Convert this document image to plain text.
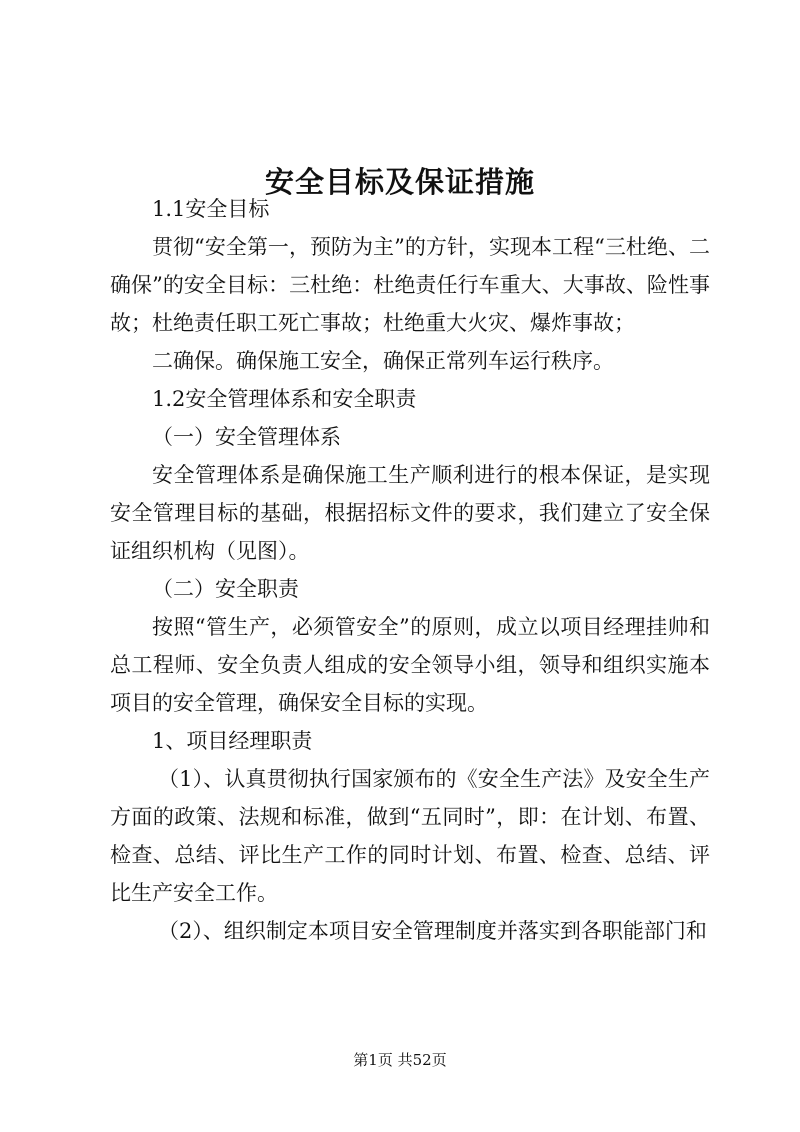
安全目标及保证措施

1.1安全目标

贯彻“安全第一，预防为主”的方针，实现本工程“三杜绝、二确保”的安全目标：三杜绝：杜绝责任行车重大、大事故、险性事故；杜绝责任职工死亡事故；杜绝重大火灾、爆炸事故；

二确保。确保施工安全，确保正常列车运行秩序。

1.2安全管理体系和安全职责

（一）安全管理体系

安全管理体系是确保施工生产顺利进行的根本保证，是实现安全管理目标的基础，根据招标文件的要求，我们建立了安全保证组织机构（见图）。

（二）安全职责

按照“管生产，必须管安全”的原则，成立以项目经理挂帅和总工程师、安全负责人组成的安全领导小组，领导和组织实施本项目的安全管理，确保安全目标的实现。

1、项目经理职责

（1）、认真贯彻执行国家颁布的《安全生产法》及安全生产方面的政策、法规和标准，做到“五同时”，即：在计划、布置、检查、总结、评比生产工作的同时计划、布置、检查、总结、评比生产安全工作。

（2）、组织制定本项目安全管理制度并落实到各职能部门和

第1页 共52页
